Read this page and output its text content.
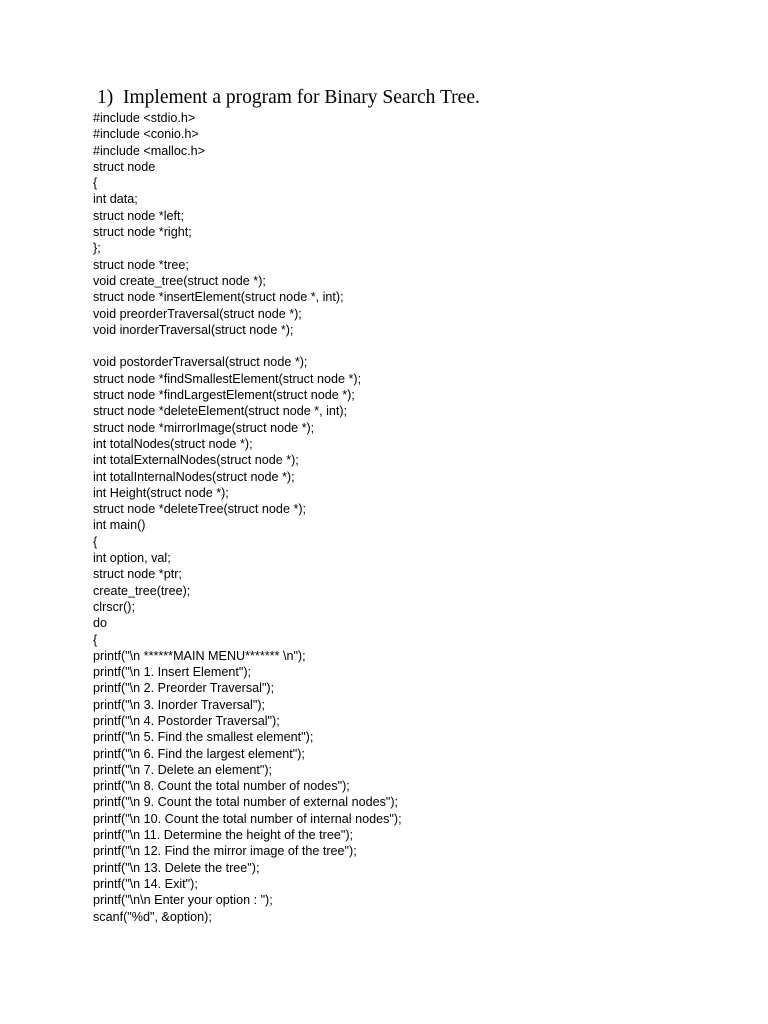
1)  Implement a program for Binary Search Tree.
#include <stdio.h>
#include <conio.h>
#include <malloc.h>
struct node
{
int data;
struct node *left;
struct node *right;
};
struct node *tree;
void create_tree(struct node *);
struct node *insertElement(struct node *, int);
void preorderTraversal(struct node *);
void inorderTraversal(struct node *);
void postorderTraversal(struct node *);
struct node *findSmallestElement(struct node *);
struct node *findLargestElement(struct node *);
struct node *deleteElement(struct node *, int);
struct node *mirrorImage(struct node *);
int totalNodes(struct node *);
int totalExternalNodes(struct node *);
int totalInternalNodes(struct node *);
int Height(struct node *);
struct node *deleteTree(struct node *);
int main()
{
int option, val;
struct node *ptr;
create_tree(tree);
clrscr();
do
{
printf("\n ******MAIN MENU******* \n");
printf("\n 1. Insert Element");
printf("\n 2. Preorder Traversal");
printf("\n 3. Inorder Traversal");
printf("\n 4. Postorder Traversal");
printf("\n 5. Find the smallest element");
printf("\n 6. Find the largest element");
printf("\n 7. Delete an element");
printf("\n 8. Count the total number of nodes");
printf("\n 9. Count the total number of external nodes");
printf("\n 10. Count the total number of internal nodes");
printf("\n 11. Determine the height of the tree");
printf("\n 12. Find the mirror image of the tree");
printf("\n 13. Delete the tree");
printf("\n 14. Exit");
printf("\n\n Enter your option : ");
scanf("%d", &option);
